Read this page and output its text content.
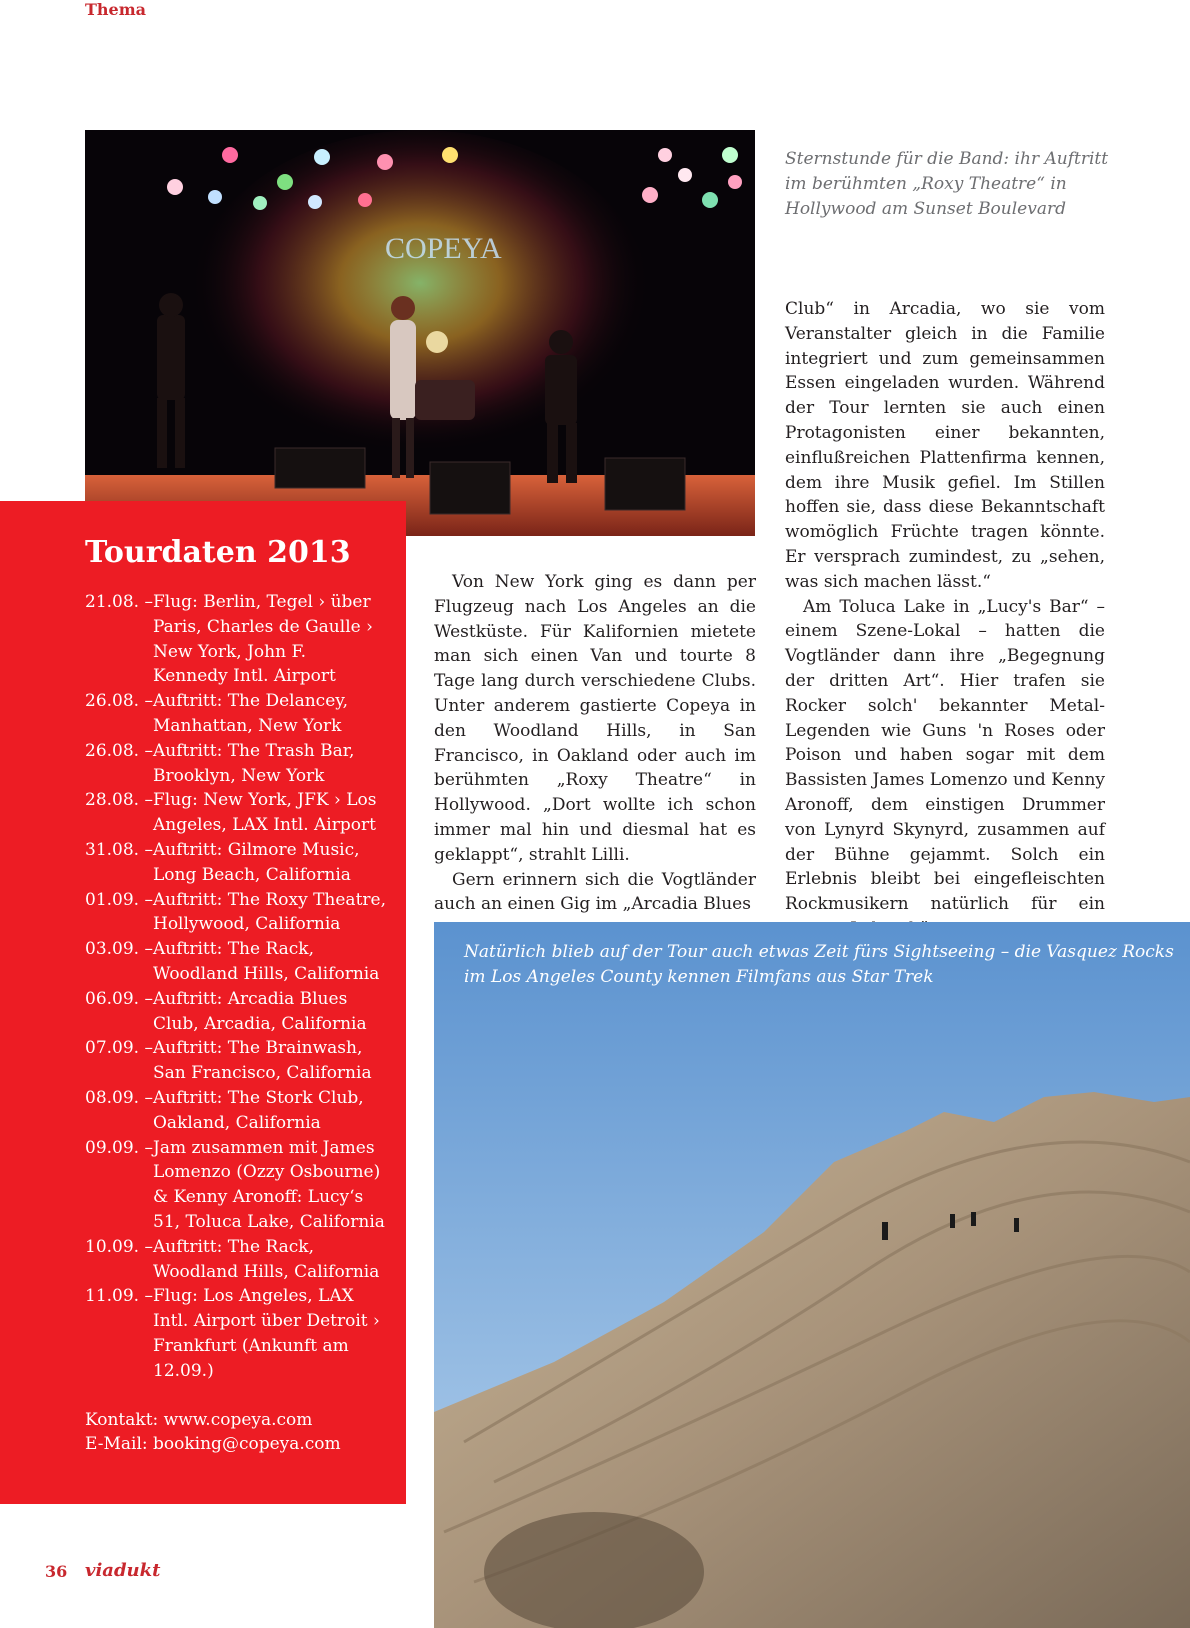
Thema
COPEYA
Sternstunde für die Band: ihr Auftritt im berühmten „Roxy Theatre“ in Hollywood am Sunset Boulevard
Tourdaten 2013
21.08. – Flug: Berlin, Tegel › über Paris, Charles de Gaulle › New York, John F. Kennedy Intl. Airport
26.08. – Auftritt: The Delancey, Manhattan, New York
26.08. – Auftritt: The Trash Bar, Brooklyn, New York
28.08. – Flug: New York, JFK › Los Angeles, LAX Intl. Airport
31.08. – Auftritt: Gilmore Music, Long Beach, California
01.09. – Auftritt: The Roxy Theatre, Hollywood, California
03.09. – Auftritt: The Rack, Woodland Hills, California
06.09. – Auftritt: Arcadia Blues Club, Arcadia, California
07.09. – Auftritt: The Brainwash, San Francisco, California
08.09. – Auftritt: The Stork Club, Oakland, California
09.09. – Jam zusammen mit James Lomenzo (Ozzy Osbourne) & Kenny Aronoff: Lucy‘s 51, Toluca Lake, California
10.09. – Auftritt: The Rack, Woodland Hills, California
11.09. – Flug: Los Angeles, LAX Intl. Airport über Detroit › Frankfurt (Ankunft am 12.09.)
Kontakt: www.copeya.com
E-Mail: booking@copeya.com

Von New York ging es dann per Flugzeug nach Los Angeles an die Westküste. Für Kalifornien mietete man sich einen Van und tourte 8 Tage lang durch verschiedene Clubs. Unter anderem gastierte Copeya in den Woodland Hills, in San Francisco, in Oakland oder auch im berühmten „Roxy Theatre“ in Hollywood. „Dort wollte ich schon immer mal hin und diesmal hat es geklappt“, strahlt Lilli.

Gern erinnern sich die Vogtländer auch an einen Gig im „Arcadia Blues

Club“ in Arcadia, wo sie vom Veranstalter gleich in die Familie integriert und zum gemeinsammen Essen eingeladen wurden. Während der Tour lernten sie auch einen Protagonisten einer bekannten, einflußreichen Plattenfirma kennen, dem ihre Musik gefiel. Im Stillen hoffen sie, dass diese Bekanntschaft womöglich Früchte tragen könnte. Er versprach zumindest, zu „sehen, was sich machen lässt.“

Am Toluca Lake in „Lucy's Bar“ – einem Szene-Lokal – hatten die Vogtländer dann ihre „Begegnung der dritten Art“. Hier trafen sie Rocker solch' bekannter Metal-Legenden wie Guns 'n Roses oder Poison und haben sogar mit dem Bassisten James Lomenzo und Kenny Aronoff, dem einstigen Drummer von Lynyrd Skynyrd, zusammen auf der Bühne gejammt. Solch ein Erlebnis bleibt bei eingefleischten Rockmusikern natürlich für ein

Natürlich blieb auf der Tour auch etwas Zeit fürs Sightseeing – die Vasquez Rocks im Los Angeles County kennen Filmfans aus Star Trek
36 viadukt
